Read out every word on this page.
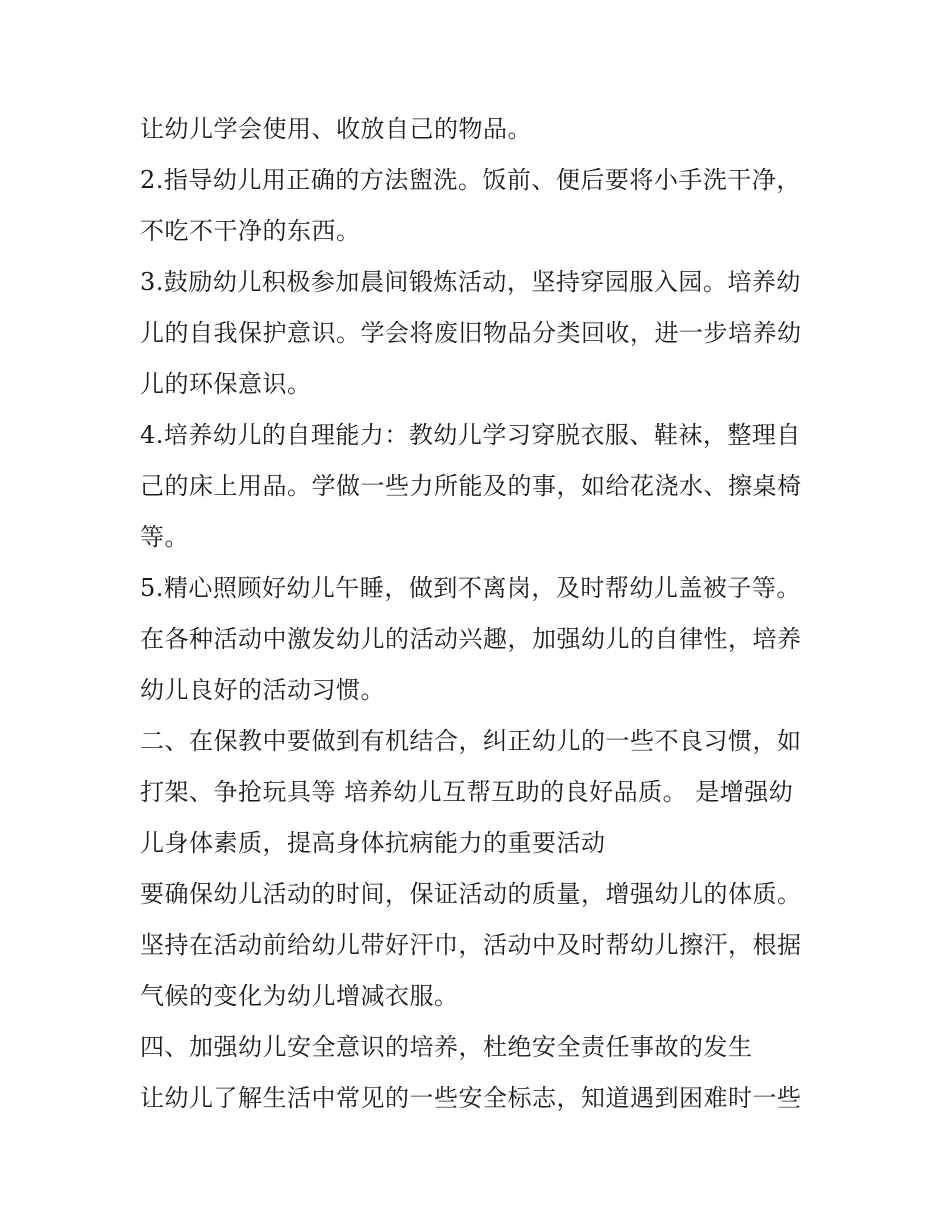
让幼儿学会使用、收放自己的物品。
2.指导幼儿用正确的方法盥洗。饭前、便后要将小手洗干净，
不吃不干净的东西。
3.鼓励幼儿积极参加晨间锻炼活动，坚持穿园服入园。培养幼
儿的自我保护意识。学会将废旧物品分类回收，进一步培养幼
儿的环保意识。
4.培养幼儿的自理能力：教幼儿学习穿脱衣服、鞋袜，整理自
己的床上用品。学做一些力所能及的事，如给花浇水、擦桌椅
等。
5.精心照顾好幼儿午睡，做到不离岗，及时帮幼儿盖被子等。
在各种活动中激发幼儿的活动兴趣，加强幼儿的自律性，培养
幼儿良好的活动习惯。
二、在保教中要做到有机结合，纠正幼儿的一些不良习惯，如
打架、争抢玩具等 培养幼儿互帮互助的良好品质。 是增强幼
儿身体素质，提高身体抗病能力的重要活动
要确保幼儿活动的时间，保证活动的质量，增强幼儿的体质。
坚持在活动前给幼儿带好汗巾，活动中及时帮幼儿擦汗，根据
气候的变化为幼儿增减衣服。
四、加强幼儿安全意识的培养，杜绝安全责任事故的发生
让幼儿了解生活中常见的一些安全标志，知道遇到困难时一些
